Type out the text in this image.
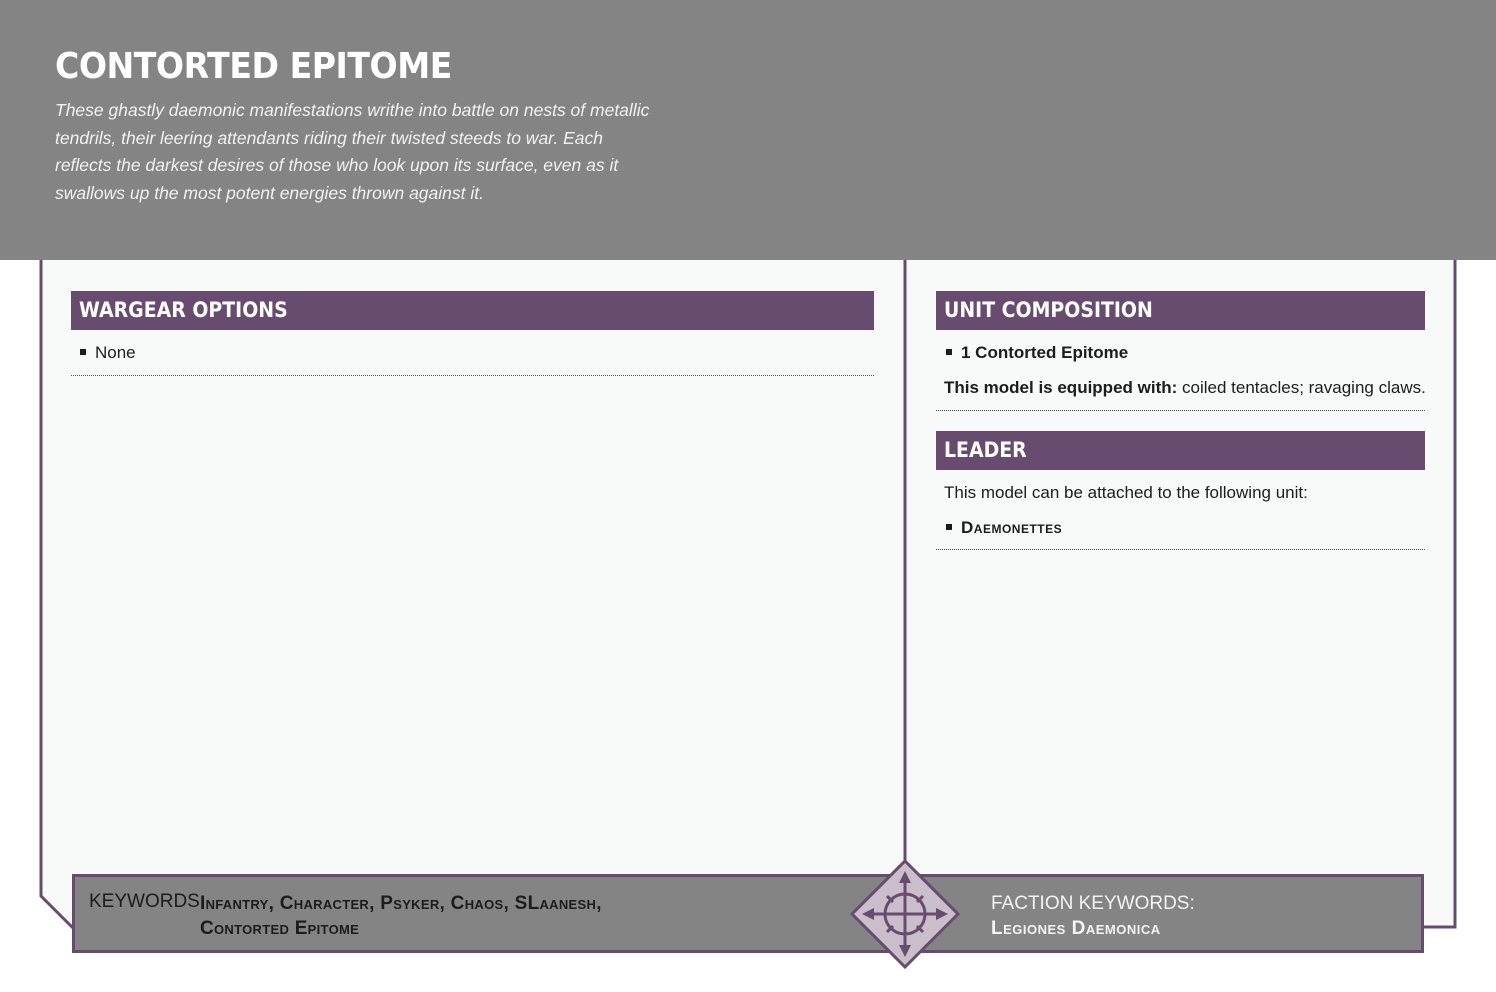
CONTORTED EPITOME
These ghastly daemonic manifestations writhe into battle on nests of metallic tendrils, their leering attendants riding their twisted steeds to war. Each reflects the darkest desires of those who look upon its surface, even as it swallows up the most potent energies thrown against it.
WARGEAR OPTIONS
None
UNIT COMPOSITION
1 Contorted Epitome
This model is equipped with: coiled tentacles; ravaging claws.
LEADER
This model can be attached to the following unit:
Daemonettes
KEYWORDS:
Infantry, Character, Psyker, Chaos, SLaanesh,
Contorted Epitome
FACTION KEYWORDS:
Legiones Daemonica
